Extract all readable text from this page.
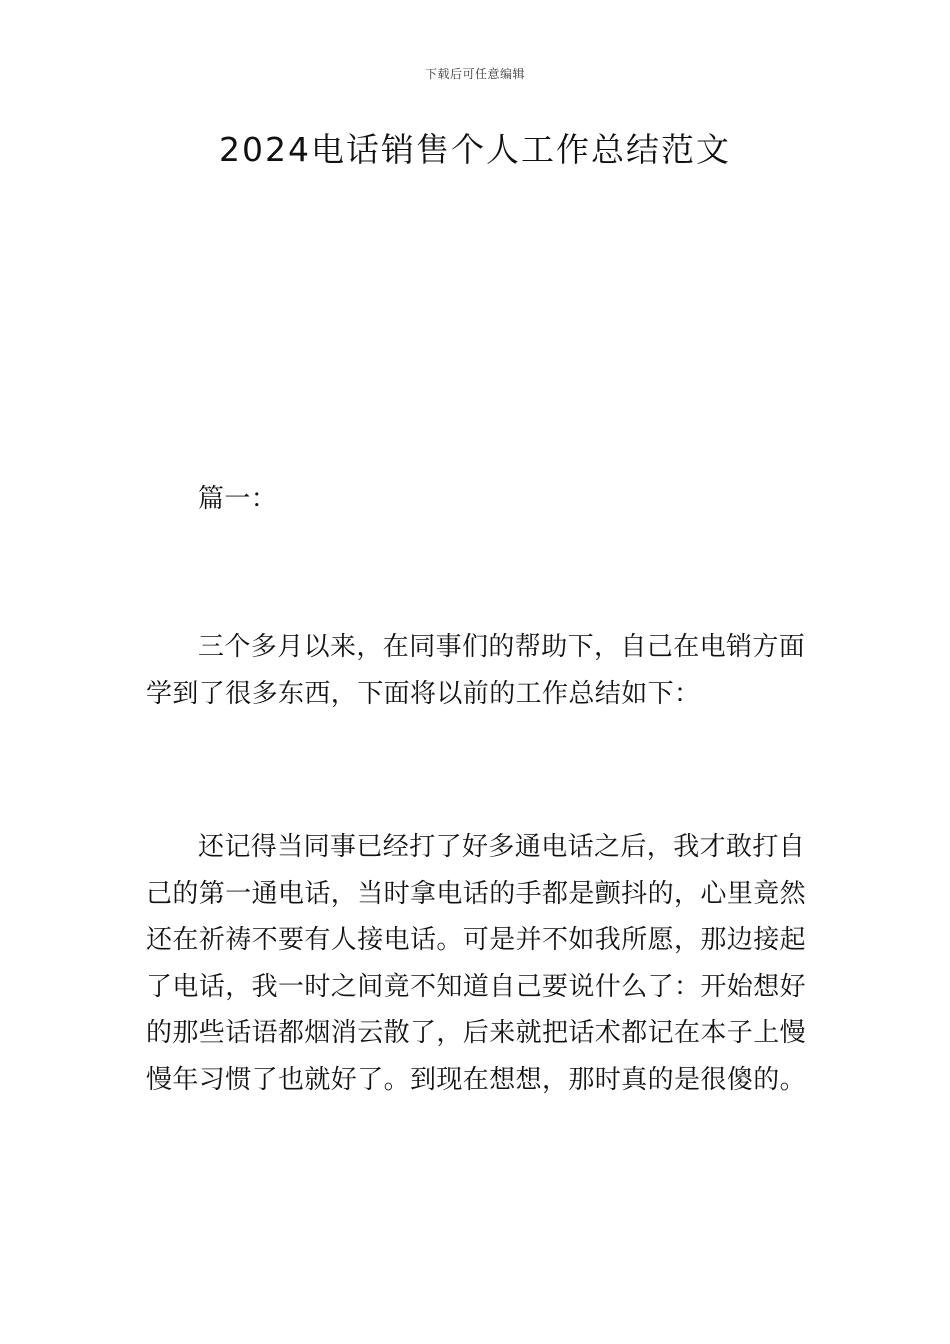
下载后可任意编辑
2024电话销售个人工作总结范文

篇一：

三个多月以来，在同事们的帮助下，自己在电销方面学到了很多东西，下面将以前的工作总结如下：

还记得当同事已经打了好多通电话之后，我才敢打自己的第一通电话，当时拿电话的手都是颤抖的，心里竟然还在祈祷不要有人接电话。可是并不如我所愿，那边接起了电话，我一时之间竟不知道自己要说什么了：开始想好的那些话语都烟消云散了，后来就把话术都记在本子上慢慢年习惯了也就好了。到现在想想，那时真的是很傻的。
